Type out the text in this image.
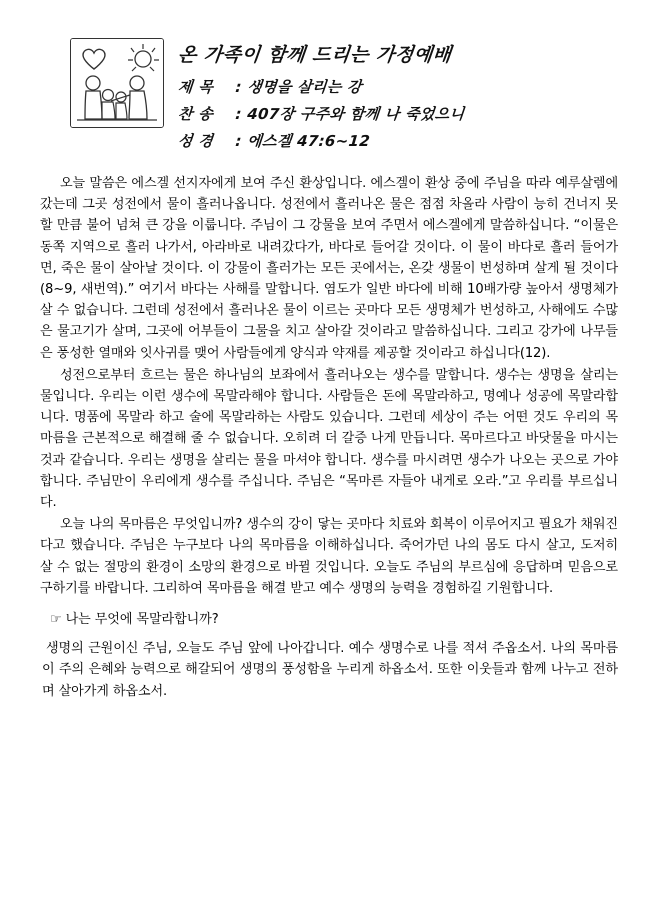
온 가족이 함께 드리는 가정예배
제 목 : 생명을 살리는 강
찬 송 : 407장 구주와 함께 나 죽었으니
성 경 : 에스겔 47:6~12

오늘 말씀은 에스겔 선지자에게 보여 주신 환상입니다. 에스겔이 환상 중에 주님을 따라 예루살렘에 갔는데 그곳 성전에서 물이 흘러나옵니다. 성전에서 흘러나온 물은 점점 차올라 사람이 능히 건너지 못할 만큼 불어 넘쳐 큰 강을 이룹니다. 주님이 그 강물을 보여 주면서 에스겔에게 말씀하십니다. “이물은 동쪽 지역으로 흘러 나가서, 아라바로 내려갔다가, 바다로 들어갈 것이다. 이 물이 바다로 흘러 들어가면, 죽은 물이 살아날 것이다. 이 강물이 흘러가는 모든 곳에서는, 온갖 생물이 번성하며 살게 될 것이다(8~9, 새번역).” 여기서 바다는 사해를 말합니다. 염도가 일반 바다에 비해 10배가량 높아서 생명체가 살 수 없습니다. 그런데 성전에서 흘러나온 물이 이르는 곳마다 모든 생명체가 번성하고, 사해에도 수많은 물고기가 살며, 그곳에 어부들이 그물을 치고 살아갈 것이라고 말씀하십니다. 그리고 강가에 나무들은 풍성한 열매와 잇사귀를 맺어 사람들에게 양식과 약재를 제공할 것이라고 하십니다(12).

성전으로부터 흐르는 물은 하나님의 보좌에서 흘러나오는 생수를 말합니다. 생수는 생명을 살리는 물입니다. 우리는 이런 생수에 목말라해야 합니다. 사람들은 돈에 목말라하고, 명예나 성공에 목말라합니다. 명품에 목말라 하고 술에 목말라하는 사람도 있습니다. 그런데 세상이 주는 어떤 것도 우리의 목마름을 근본적으로 해결해 줄 수 없습니다. 오히려 더 갈증 나게 만듭니다. 목마르다고 바닷물을 마시는 것과 같습니다. 우리는 생명을 살리는 물을 마셔야 합니다. 생수를 마시려면 생수가 나오는 곳으로 가야 합니다. 주님만이 우리에게 생수를 주십니다. 주님은 “목마른 자들아 내게로 오라.”고 우리를 부르십니다.

오늘 나의 목마름은 무엇입니까? 생수의 강이 닿는 곳마다 치료와 회복이 이루어지고 필요가 채워진다고 했습니다. 주님은 누구보다 나의 목마름을 이해하십니다. 죽어가던 나의 몸도 다시 살고, 도저히 살 수 없는 절망의 환경이 소망의 환경으로 바뀔 것입니다. 오늘도 주님의 부르심에 응답하며 믿음으로 구하기를 바랍니다. 그리하여 목마름을 해결 받고 예수 생명의 능력을 경험하길 기원합니다.

☞ 나는 무엇에 목말라합니까?

생명의 근원이신 주님, 오늘도 주님 앞에 나아갑니다. 예수 생명수로 나를 적셔 주옵소서. 나의 목마름이 주의 은혜와 능력으로 해갈되어 생명의 풍성함을 누리게 하옵소서. 또한 이웃들과 함께 나누고 전하며 살아가게 하옵소서.
